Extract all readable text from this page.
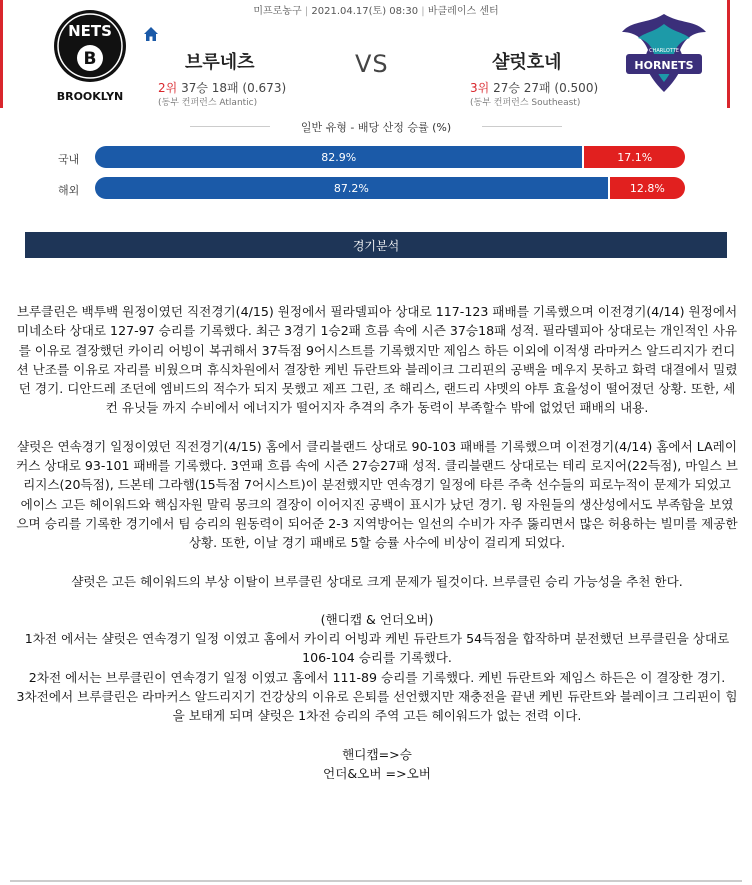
미프로농구 | 2021.04.17(토) 08:30 | 바클레이스 센터
NETS
B
BROOKLYN
브루네츠	VS	샬럿호네
2위 37승 18패 (0.673)
(동부 컨퍼런스 Atlantic)
3위 27승 27패 (0.500)
(동부 컨퍼런스 Southeast)
CHARLOTTE
HORNETS
일반 유형 - 배당 산정 승률 (%)
국내	82.9%	17.1%
해외	87.2%	12.8%
경기분석

브루클린은 백투백 원정이였던 직전경기(4/15) 원정에서 필라델피아 상대로 117-123 패배를 기록했으며 이전경기(4/14) 원정에서 미네소타 상대로 127-97 승리를 기록했다. 최근 3경기 1승2패 흐름 속에 시즌 37승18패 성적. 필라델피아 상대로는 개인적인 사유를 이유로 결장했던 카이리 어빙이 복귀해서 37득점 9어시스트를 기록했지만 제임스 하든 이외에 이적생 라마커스 알드리지가 컨디션 난조를 이유로 자리를 비웠으며 휴식차원에서 결장한 케빈 듀란트와 블레이크 그리핀의 공백을 메우지 못하고 화력 대결에서 밀렸던 경기. 디안드레 조던에 엠비드의 적수가 되지 못했고 제프 그린, 조 해리스, 랜드리 샤멧의 야투 효율성이 떨어졌던 상황. 또한, 세컨 유닛들 까지 수비에서 에너지가 떨어지자 추격의 추가 동력이 부족할수 밖에 없었던 패배의 내용.

샬럿은 연속경기 일정이였던 직전경기(4/15) 홈에서 클리블랜드 상대로 90-103 패배를 기록했으며 이전경기(4/14) 홈에서 LA레이커스 상대로 93-101 패배를 기록했다. 3연패 흐름 속에 시즌 27승27패 성적. 클리블랜드 상대로는 테리 로지어(22득점), 마일스 브리지스(20득점), 드본테 그라햄(15득점 7어시스트)이 분전했지만 연속경기 일정에 타른 주축 선수들의 피로누적이 문제가 되었고 에이스 고든 헤이워드와 핵심자원 말릭 몽크의 결장이 이어지진 공백이 표시가 났던 경기. 윙 자원들의 생산성에서도 부족함을 보였으며 승리를 기록한 경기에서 팀 승리의 원동력이 되어준 2-3 지역방어는 일선의 수비가 자주 뚫리면서 많은 허용하는 빌미를 제공한 상황. 또한, 이날 경기 패배로 5할 승률 사수에 비상이 걸리게 되었다.

샬럿은 고든 헤이워드의 부상 이탈이 브루클린 상대로 크게 문제가 될것이다. 브루클린 승리 가능성을 추천 한다.

(핸디캡 & 언더오버)

1차전 에서는 샬럿은 연속경기 일정 이였고 홈에서 카이리 어빙과 케빈 듀란트가 54득점을 합작하며 분전했던 브루클린을 상대로 106-104 승리를 기록했다.

2차전 에서는 브루클린이 연속경기 일정 이였고 홈에서 111-89 승리를 기록했다. 케빈 듀란트와 제임스 하든은 이 결장한 경기.

3차전에서 브루클린은 라마커스 알드리지기 건강상의 이유로 은퇴를 선언했지만 재충전을 끝낸 케빈 듀란트와 블레이크 그리핀이 힘을 보태게 되며 샬럿은 1차전 승리의 주역 고든 헤이워드가 없는 전력 이다.

핸디캡=>승

언더&오버 =>오버
